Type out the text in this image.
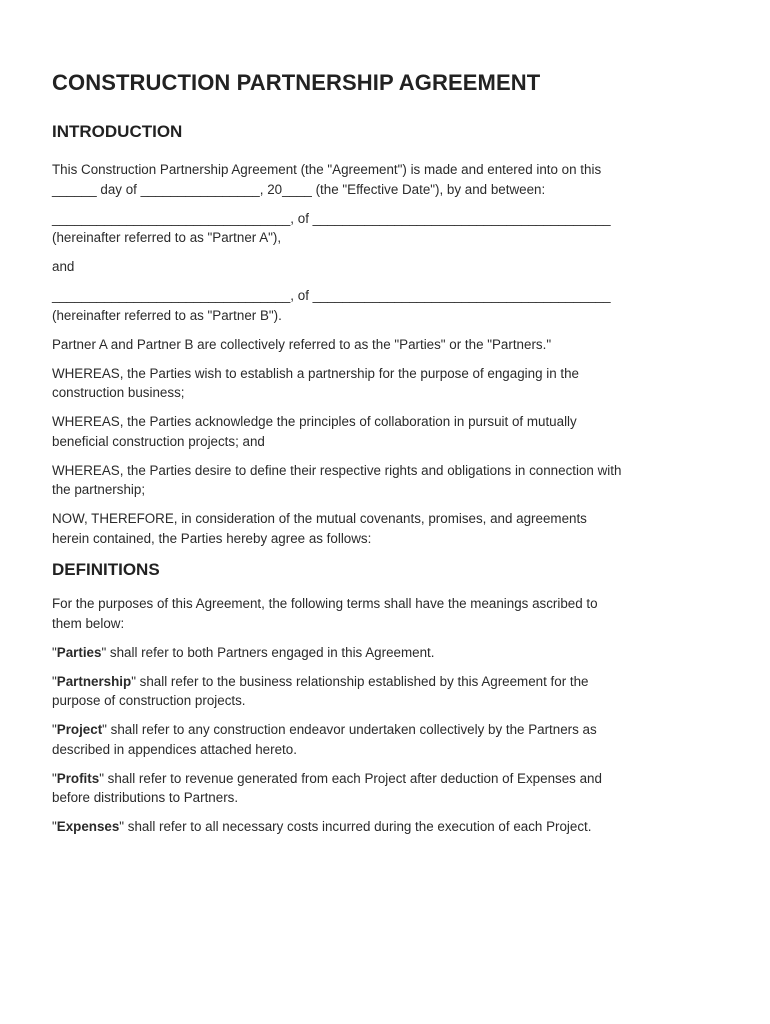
CONSTRUCTION PARTNERSHIP AGREEMENT
INTRODUCTION

This Construction Partnership Agreement (the "Agreement") is made and entered into on this

______ day of ________________, 20____ (the "Effective Date"), by and between:

________________________________, of ________________________________________

(hereinafter referred to as "Partner A"),

and

________________________________, of ________________________________________

(hereinafter referred to as "Partner B").

Partner A and Partner B are collectively referred to as the "Parties" or the "Partners."

WHEREAS, the Parties wish to establish a partnership for the purpose of engaging in the

construction business;

WHEREAS, the Parties acknowledge the principles of collaboration in pursuit of mutually

beneficial construction projects; and

WHEREAS, the Parties desire to define their respective rights and obligations in connection with

the partnership;

NOW, THEREFORE, in consideration of the mutual covenants, promises, and agreements

herein contained, the Parties hereby agree as follows:

DEFINITIONS

For the purposes of this Agreement, the following terms shall have the meanings ascribed to

them below:

"Parties" shall refer to both Partners engaged in this Agreement.

"Partnership" shall refer to the business relationship established by this Agreement for the

purpose of construction projects.

"Project" shall refer to any construction endeavor undertaken collectively by the Partners as

described in appendices attached hereto.

"Profits" shall refer to revenue generated from each Project after deduction of Expenses and

before distributions to Partners.

"Expenses" shall refer to all necessary costs incurred during the execution of each Project.
